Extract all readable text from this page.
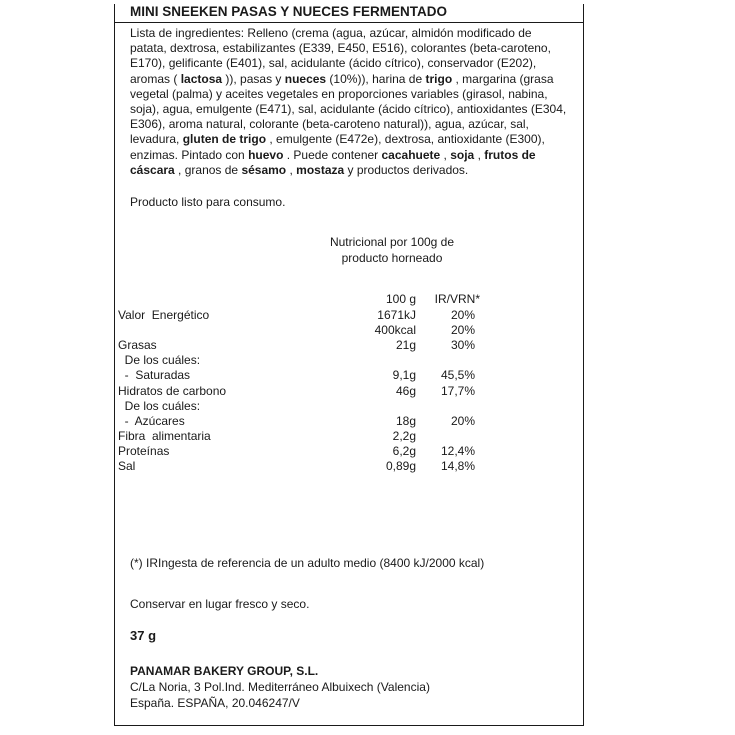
MINI SNEEKEN PASAS Y NUECES FERMENTADO
Lista de ingredientes: Relleno (crema (agua, azúcar, almidón modificado de patata, dextrosa, estabilizantes (E339, E450, E516), colorantes (beta-caroteno, E170), gelificante (E401), sal, acidulante (ácido cítrico), conservador (E202), aromas ( lactosa )), pasas y nueces (10%)), harina de trigo , margarina (grasa vegetal (palma) y aceites vegetales en proporciones variables (girasol, nabina, soja), agua, emulgente (E471), sal, acidulante (ácido cítrico), antioxidantes (E304, E306), aroma natural, colorante (beta-caroteno natural)), agua, azúcar, sal, levadura, gluten de trigo , emulgente (E472e), dextrosa, antioxidante (E300), enzimas. Pintado con huevo . Puede contener cacahuete , soja , frutos de cáscara , granos de sésamo , mostaza y productos derivados.
Producto listo para consumo.
Nutricional por 100g de
producto horneado
100 g IR/VRN*
Valor  Energético	1671kJ	20%
400kcal	20%
Grasas	21g	30%
De los cuáles:
-  Saturadas	9,1g 45,5%
Hidratos de carbono	46g 17,7%
De los cuáles:
-  Azúcares	18g	20%
Fibra  alimentaria	2,2g
Proteínas	6,2g 12,4%
Sal	0,89g 14,8%
(*) IRIngesta de referencia de un adulto medio (8400 kJ/2000 kcal)
Conservar en lugar fresco y seco.
37 g
PANAMAR BAKERY GROUP, S.L.
C/La Noria, 3 Pol.Ind. Mediterráneo Albuixech (Valencia)
España. ESPAÑA, 20.046247/V
